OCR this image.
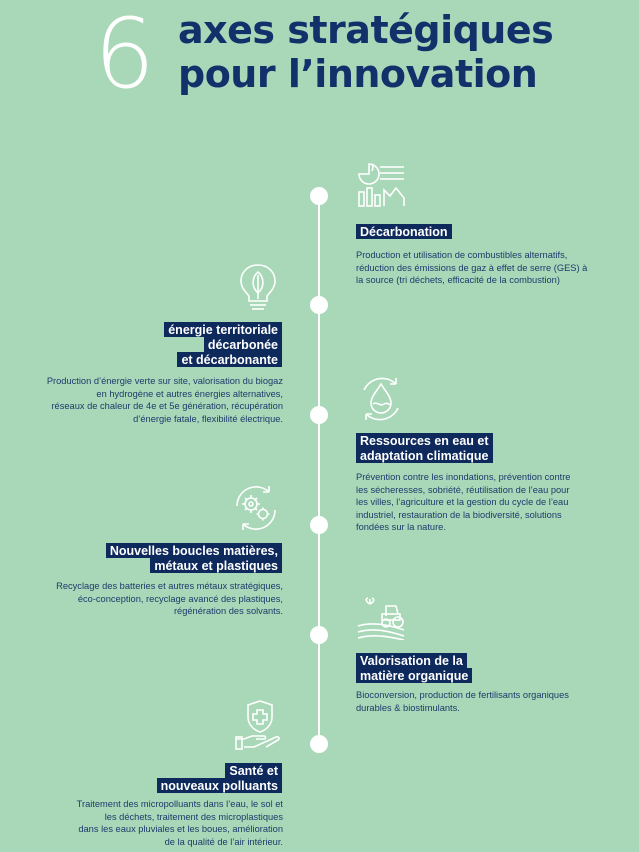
6 axes stratégiques
pour l’innovation
Décarbonation
Production et utilisation de combustibles alternatifs,
réduction des émissions de gaz à effet de serre (GES) à
la source (tri déchets, efficacité de la combustion)
énergie territoriale
décarbonée
et décarbonante
Production d’énergie verte sur site, valorisation du biogaz
en hydrogène et autres énergies alternatives,
réseaux de chaleur de 4e et 5e génération, récupération
d’énergie fatale, flexibilité électrique.
Ressources en eau et
adaptation climatique
Prévention contre les inondations, prévention contre
les sécheresses, sobriété, réutilisation de l’eau pour
les villes, l’agriculture et la gestion du cycle de l’eau
industriel, restauration de la biodiversité, solutions
fondées sur la nature.
Nouvelles boucles matières,
métaux et plastiques
Recyclage des batteries et autres métaux stratégiques,
éco-conception, recyclage avancé des plastiques,
régénération des solvants.
Valorisation de la
matière organique
Bioconversion, production de fertilisants organiques
durables & biostimulants.
Santé et
nouveaux polluants
Traitement des micropolluants dans l’eau, le sol et
les déchets, traitement des microplastiques
dans les eaux pluviales et les boues, amélioration
de la qualité de l’air intérieur.
